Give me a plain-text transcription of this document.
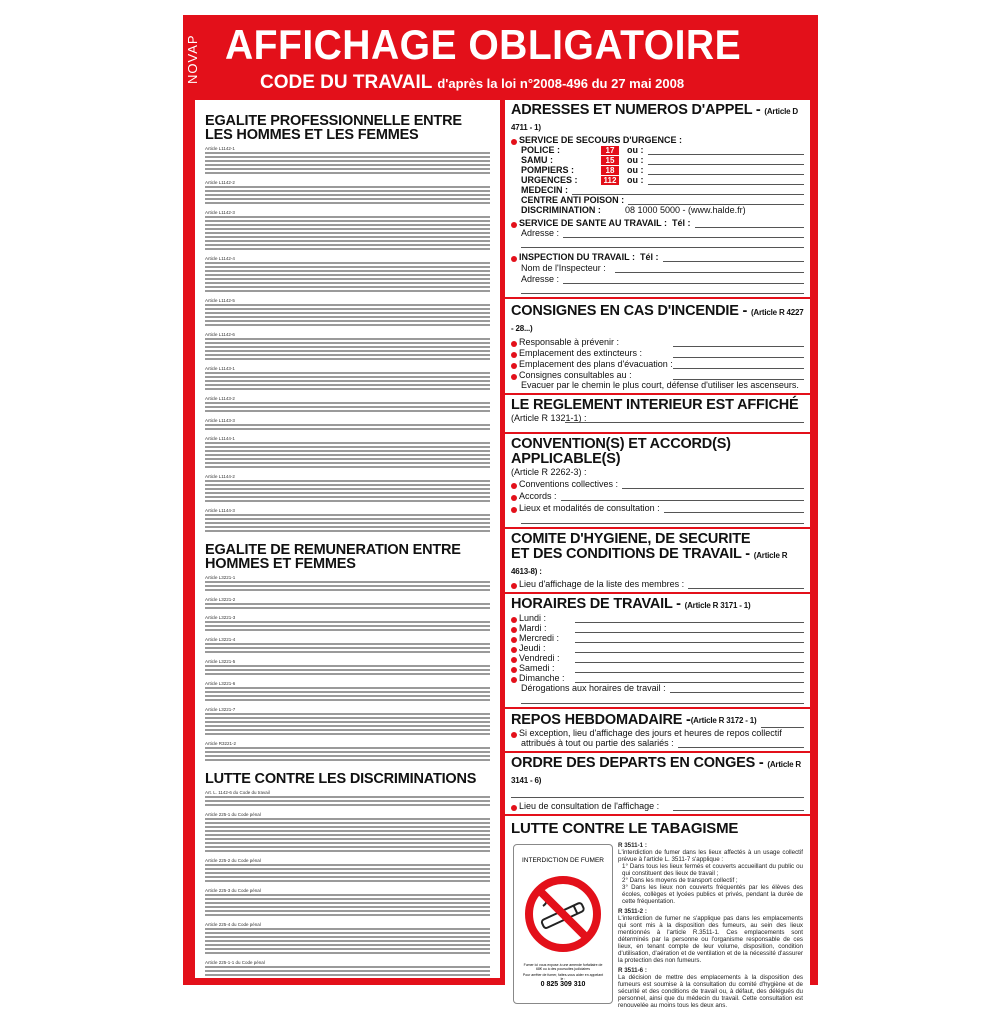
NOVAP AFFICHAGE OBLIGATOIRE
CODE DU TRAVAIL d'après la loi n°2008-496 du 27 mai 2008
EGALITE PROFESSIONNELLE ENTRE LES HOMMES ET LES FEMMES
Article L1142-1
Article L1142-2
Article L1142-3
Article L1142-4
Article L1142-5
Article L1142-6
Article L1143-1
Article L1143-2
Article L1143-3
Article L1144-1
Article L1144-2
Article L1144-3
EGALITE DE REMUNERATION ENTRE HOMMES ET FEMMES
Article L3221-1
Article L3221-2
Article L3221-3
Article L3221-4
Article L3221-5
Article L3221-6
Article L3221-7
Article R3221-2
LUTTE CONTRE LES DISCRIMINATIONS
Art. L. 1142-6 du Code du travail
Article 225-1 du Code pénal
Article 225-2 du Code pénal
Article 225-3 du Code pénal
Article 225-4 du Code pénal
Article 225-1-1 du Code pénal
ADRESSES ET NUMEROS D'APPEL - (Article D 4711 - 1)
SERVICE DE SECOURS D'URGENCE :
POLICE :	17	ou :
SAMU :	15	ou :
POMPIERS :	18	ou :
URGENCES :	112 ou :
MEDECIN :
CENTRE ANTI POISON :
DISCRIMINATION :	08 1000 5000 - (www.halde.fr)
SERVICE DE SANTE AU TRAVAIL :
Tél :
Adresse :
INSPECTION DU TRAVAIL :
Tél :
Nom de l'Inspecteur :
Adresse :
CONSIGNES EN CAS D'INCENDIE - (Article R 4227 - 28...)
Responsable à prévenir :
Emplacement des extincteurs :
Emplacement des plans d'évacuation :
Consignes consultables au :
Evacuer par le chemin le plus court, défense d'utiliser les ascenseurs.
LE REGLEMENT INTERIEUR EST AFFICHÉ
(Article R 1321-1) :
CONVENTION(S) ET ACCORD(S) APPLICABLE(S)
(Article R 2262-3) :
Conventions collectives :
Accords :
Lieux et modalités de consultation :
COMITE D'HYGIENE, DE SECURITE
ET DES CONDITIONS DE TRAVAIL - (Article R 4613-8) :
Lieu d'affichage de la liste des membres :
HORAIRES DE TRAVAIL - (Article R 3171 - 1)
Lundi :
Mardi :
Mercredi :
Jeudi :
Vendredi :
Samedi :
Dimanche :
Dérogations aux horaires de travail :
REPOS HEBDOMADAIRE - (Article R 3172 - 1)
Si exception, lieu d'affichage des jours et heures de repos collectif
attribués à tout ou partie des salariés :
ORDRE DES DEPARTS EN CONGES - (Article R 3141 - 6)
Lieu de consultation de l'affichage :
LUTTE CONTRE LE TABAGISME
INTERDICTION DE FUMER
Fumer ici vous expose à une amende forfaitaire de 68€ ou à des poursuites judiciaires
Pour arrêter de fumer, faites-vous aider en appelant le :
0 825 309 310

R 3511-1 :
L'interdiction de fumer dans les lieux affectés à un usage collectif prévue à l'article L. 3511-7 s'applique :
1° Dans tous les lieux fermés et couverts accueillant du public ou qui constituent des lieux de travail ;
2° Dans les moyens de transport collectif ;
3° Dans les lieux non couverts fréquentés par les élèves des écoles, collèges et lycées publics et privés, pendant la durée de cette fréquentation.

R 3511-2 :
L'interdiction de fumer ne s'applique pas dans les emplacements qui sont mis à la disposition des fumeurs, au sein des lieux mentionnés à l'article R.3511-1. Ces emplacements sont déterminés par la personne ou l'organisme responsable de ces lieux, en tenant compte de leur volume, disposition, condition d'utilisation, d'aération et de ventilation et de la nécessité d'assurer la protection des non fumeurs.

R 3511-6 :
La décision de mettre des emplacements à la disposition des fumeurs est soumise à la consultation du comité d'hygiène et de sécurité et des conditions de travail ou, à défaut, des délégués du personnel, ainsi que du médecin du travail. Cette consultation est renouvelée au moins tous les deux ans.
